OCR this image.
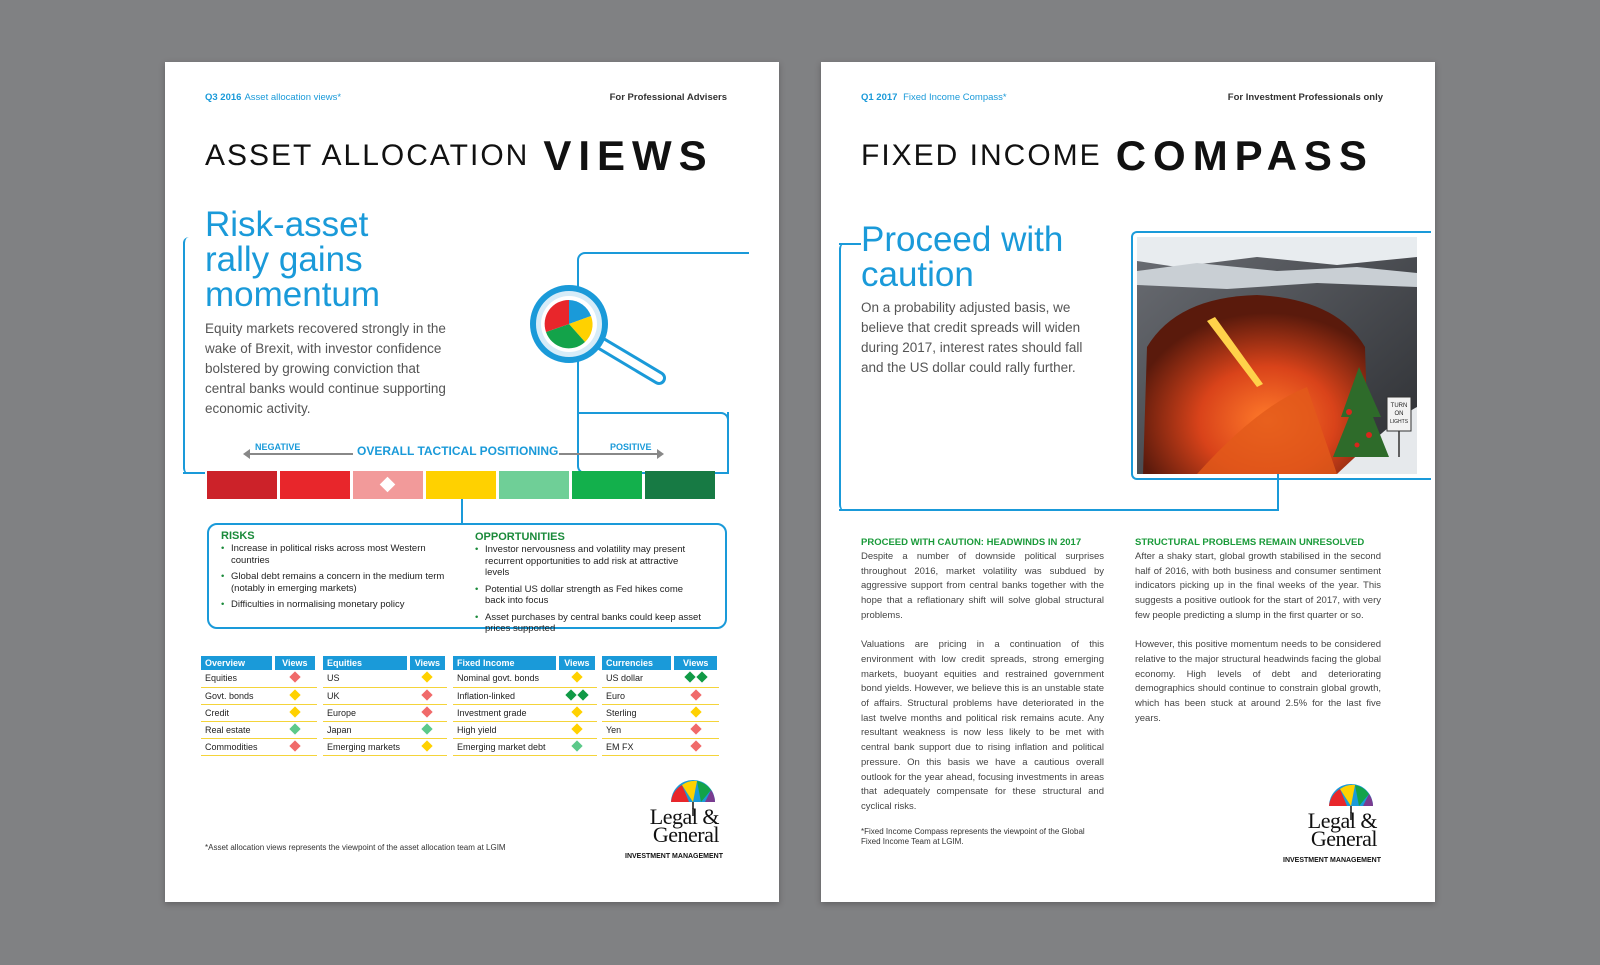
Q3 2016 Asset allocation views*	For Professional Advisers
ASSET ALLOCATION VIEWS
Risk-asset
rally gains
momentum
Equity markets recovered strongly in the wake of Brexit, with investor confidence bolstered by growing conviction that central banks would continue supporting economic activity.
NEGATIVE	OVERALL TACTICAL POSITIONING	POSITIVE
RISKS
• Increase in political risks across most Western countries
• Global debt remains a concern in the medium term (notably in emerging markets)
• Difficulties in normalising monetary policy
OPPORTUNITIES
• Investor nervousness and volatility may present recurrent opportunities to add risk at attractive levels
• Potential US dollar strength as Fed hikes come back into focus
• Asset purchases by central banks could keep asset prices supported
Overview	Views
Equities	
Govt. bonds	
Credit	
Real estate	
Commodities	
Equities	Views
US	
UK	
Europe	
Japan	
Emerging markets	
Fixed Income	Views
Nominal govt. bonds	
Inflation-linked	
Investment grade	
High yield	
Emerging market debt	
Currencies	Views
US dollar	
Euro	
Sterling	
Yen	
EM FX	
*Asset allocation views represents the viewpoint of the asset allocation team at LGIM
Legal &
General
INVESTMENT MANAGEMENT
Q1 2017 Fixed Income Compass*	For Investment Professionals only
FIXED INCOME COMPASS
Proceed with
caution
On a probability adjusted basis, we believe that credit spreads will widen during 2017, interest rates should fall and the US dollar could rally further.
TURN
ON
LIGHTS
PROCEED WITH CAUTION: HEADWINDS IN 2017

Despite a number of downside political surprises throughout 2016, market volatility was subdued by aggressive support from central banks together with the hope that a reflationary shift will solve global structural problems.

Valuations are pricing in a continuation of this environment with low credit spreads, strong emerging markets, buoyant equities and restrained government bond yields. However, we believe this is an unstable state of affairs. Structural problems have deteriorated in the last twelve months and political risk remains acute. Any resultant weakness is now less likely to be met with central bank support due to rising inflation and political pressure. On this basis we have a cautious overall outlook for the year ahead, focusing investments in areas that adequately compensate for these structural and cyclical risks.

STRUCTURAL PROBLEMS REMAIN UNRESOLVED

After a shaky start, global growth stabilised in the second half of 2016, with both business and consumer sentiment indicators picking up in the final weeks of the year. This suggests a positive outlook for the start of 2017, with very few people predicting a slump in the first quarter or so.

However, this positive momentum needs to be considered relative to the major structural headwinds facing the global economy. High levels of debt and deteriorating demographics should continue to constrain global growth, which has been stuck at around 2.5% for the last five years.

*Fixed Income Compass represents the viewpoint of the Global Fixed Income Team at LGIM.
Legal &
General
INVESTMENT MANAGEMENT
